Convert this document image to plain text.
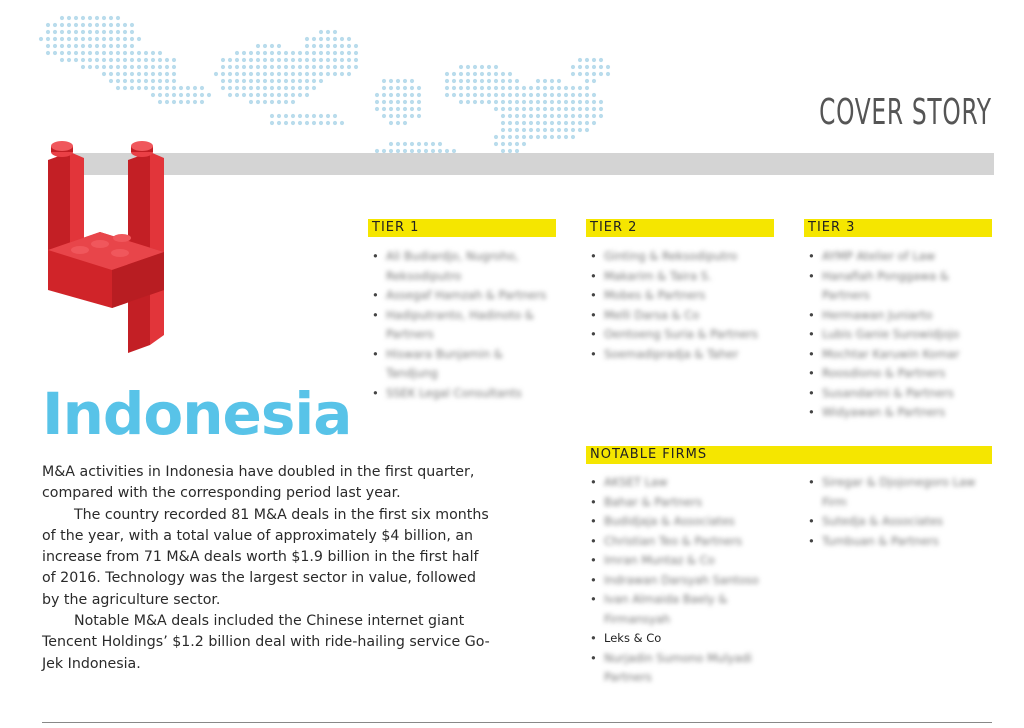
COVER STORY
Indonesia

M&A activities in Indonesia have doubled in the first quarter, compared with the corresponding period last year.

The country recorded 81 M&A deals in the first six months of the year, with a total value of approximately $4 billion, an increase from 71 M&A deals worth $1.9 billion in the first half of 2016. Technology was the largest sector in value, followed by the agriculture sector.

Notable M&A deals included the Chinese internet giant Tencent Holdings’ $1.2 billion deal with ride-hailing service Go-Jek Indonesia.

TIER 1	TIER 2	TIER 3
NOTABLE FIRMS
• Ali Budiardjo, Nugroho, Reksodiputro
• Assegaf Hamzah & Partners
• Hadiputranto, Hadinoto & Partners
• Hiswara Bunjamin & Tandjung
• SSEK Legal Consultants
• Ginting & Reksodiputro
• Makarim & Taira S.
• Mobes & Partners
• Melli Darsa & Co
• Oentoeng Suria & Partners
• Soemadipradja & Taher
• AYMP Atelier of Law
• Hanafiah Ponggawa & Partners
• Hermawan Juniarto
• Lubis Ganie Surowidjojo
• Mochtar Karuwin Komar
• Roosdiono & Partners
• Susandarini & Partners
• Widyawan & Partners
• AKSET Law
• Bahar & Partners
• Budidjaja & Associates
• Christian Teo & Partners
• Imran Muntaz & Co
• Indrawan Darsyah Santoso
• Ivan Almaida Baely & Firmansyah
• Leks & Co
• Nurjadin Sumono Mulyadi Partners
• Siregar & Djojonegoro Law Firm
• Sutedja & Associates
• Tumbuan & Partners
